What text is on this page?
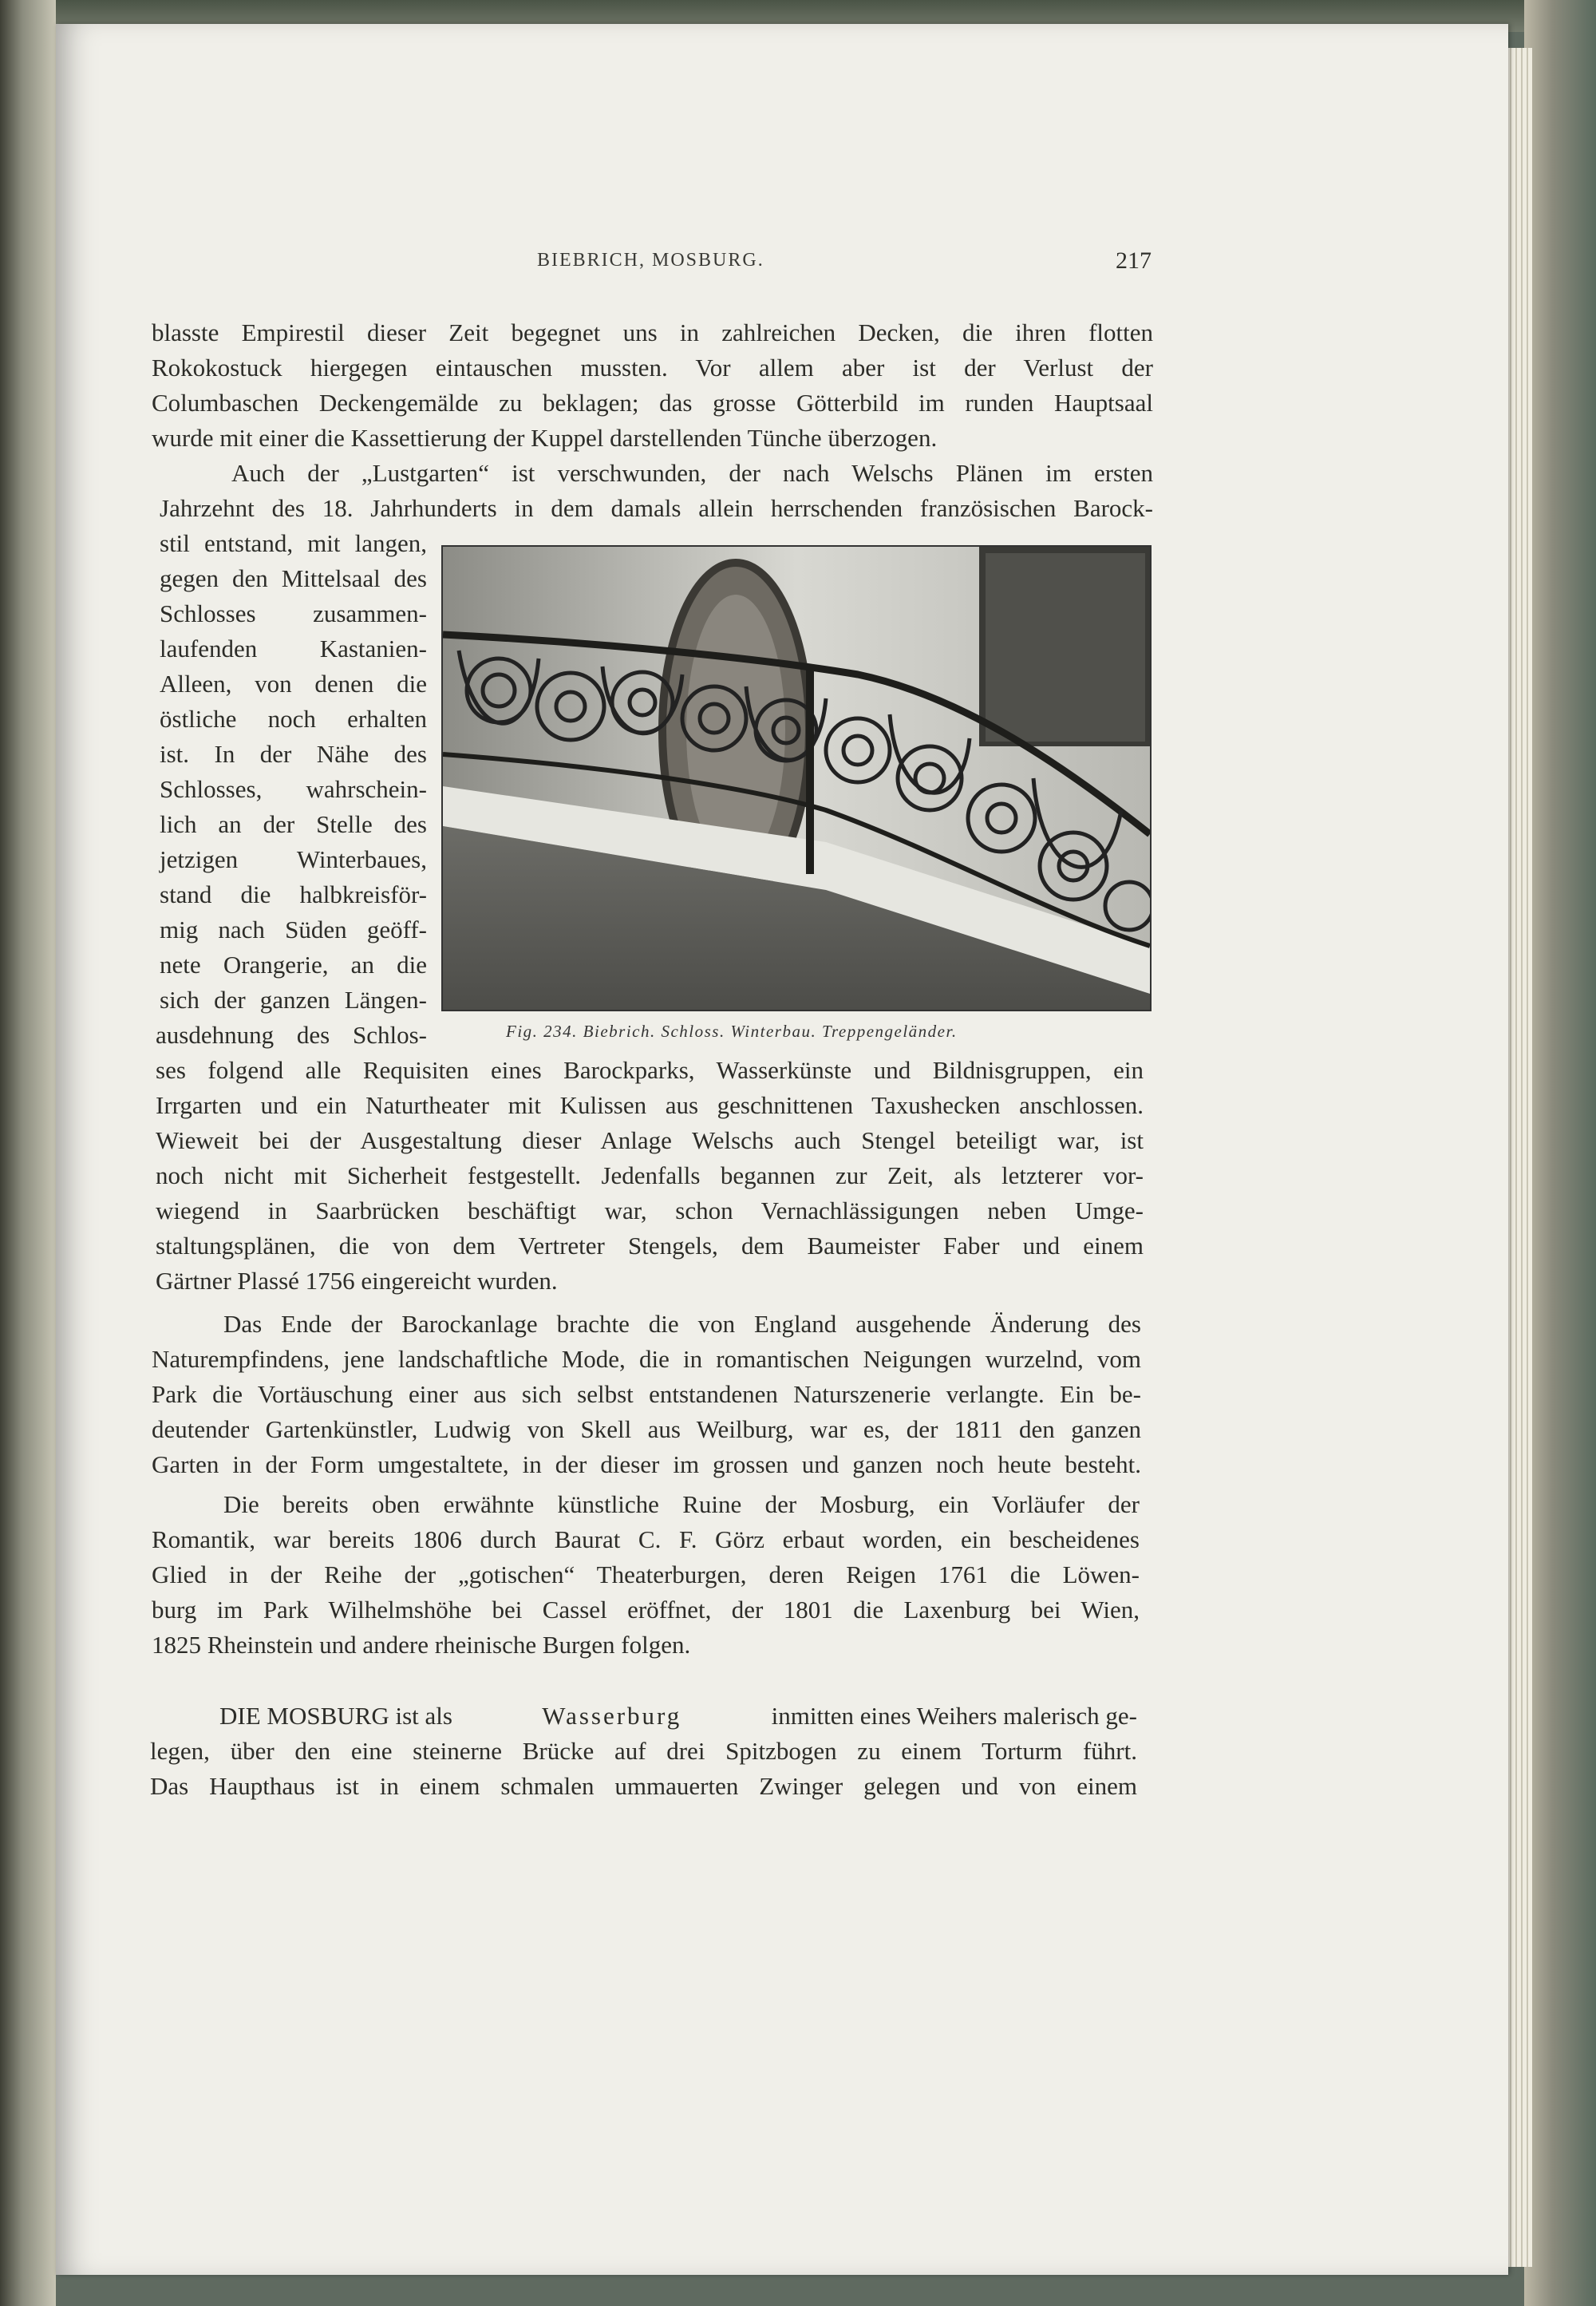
BIEBRICH, MOSBURG.	217
blasste Empirestil dieser Zeit begegnet uns in zahlreichen Decken, die ihren flotten
Rokokostuck hiergegen eintauschen mussten. Vor allem aber ist der Verlust der
Columbaschen Deckengemälde zu beklagen; das grosse Götterbild im runden Hauptsaal
wurde mit einer die Kassettierung der Kuppel darstellenden Tünche überzogen.
Auch der „Lustgarten“ ist verschwunden, der nach Welschs Plänen im ersten
Jahrzehnt des 18. Jahrhunderts in dem damals allein herrschenden französischen Barock-
stil entstand, mit langen,
gegen den Mittelsaal des
Schlosses zusammen-
laufenden Kastanien-
Alleen, von denen die
östliche noch erhalten
ist. In der Nähe des
Schlosses, wahrschein-
lich an der Stelle des
jetzigen Winterbaues,
stand die halbkreisför-
mig nach Süden geöff-
nete Orangerie, an die
sich der ganzen Längen-
ausdehnung des Schlos-
ses folgend alle Requisiten eines Barockparks, Wasserkünste und Bildnisgruppen, ein
Irrgarten und ein Naturtheater mit Kulissen aus geschnittenen Taxushecken anschlossen.
Wieweit bei der Ausgestaltung dieser Anlage Welschs auch Stengel beteiligt war, ist
noch nicht mit Sicherheit festgestellt. Jedenfalls begannen zur Zeit, als letzterer vor-
wiegend in Saarbrücken beschäftigt war, schon Vernachlässigungen neben Umge-
staltungsplänen, die von dem Vertreter Stengels, dem Baumeister Faber und einem
Gärtner Plassé 1756 eingereicht wurden.
Das Ende der Barockanlage brachte die von England ausgehende Änderung des
Naturempfindens, jene landschaftliche Mode, die in romantischen Neigungen wurzelnd, vom
Park die Vortäuschung einer aus sich selbst entstandenen Naturszenerie verlangte. Ein be-
deutender Gartenkünstler, Ludwig von Skell aus Weilburg, war es, der 1811 den ganzen
Garten in der Form umgestaltete, in der dieser im grossen und ganzen noch heute besteht.
Die bereits oben erwähnte künstliche Ruine der Mosburg, ein Vorläufer der
Romantik, war bereits 1806 durch Baurat C. F. Görz erbaut worden, ein bescheidenes
Glied in der Reihe der „gotischen“ Theaterburgen, deren Reigen 1761 die Löwen-
burg im Park Wilhelmshöhe bei Cassel eröffnet, der 1801 die Laxenburg bei Wien,
1825 Rheinstein und andere rheinische Burgen folgen.
DIE MOSBURG ist als	Wasserburg	inmitten eines Weihers malerisch ge-
legen, über den eine steinerne Brücke auf drei Spitzbogen zu einem Torturm führt.
Das Haupthaus ist in einem schmalen ummauerten Zwinger gelegen und von einem
Fig. 234. Biebrich. Schloss. Winterbau. Treppengeländer.
